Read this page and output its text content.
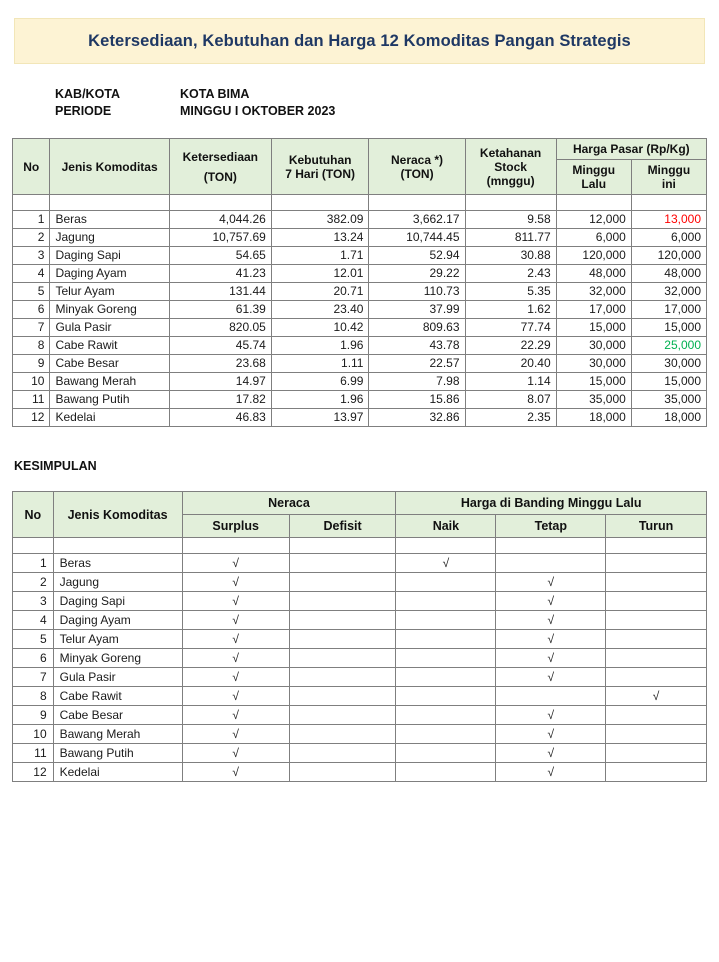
Ketersediaan, Kebutuhan dan Harga 12 Komoditas Pangan Strategis
KAB/KOTA	KOTA BIMA
PERIODE	MINGGU I OKTOBER 2023
No	Jenis Komoditas	
Ketersediaan
(TON)

Kebutuhan
7 Hari (TON)

Neraca *)
(TON)

Ketahanan
Stock
(mnggu)
	Harga Pasar (Rp/Kg)

Minggu
Lalu

Minggu
ini

1	Beras	4,044.26	382.09	3,662.17	9.58	12,000	13,000
2	Jagung	10,757.69	13.24	10,744.45	811.77	6,000	6,000
3	Daging Sapi	54.65	1.71	52.94	30.88	120,000	120,000
4	Daging Ayam	41.23	12.01	29.22	2.43	48,000	48,000
5	Telur Ayam	131.44	20.71	110.73	5.35	32,000	32,000
6	Minyak Goreng	61.39	23.40	37.99	1.62	17,000	17,000
7	Gula Pasir	820.05	10.42	809.63	77.74	15,000	15,000
8	Cabe Rawit	45.74	1.96	43.78	22.29	30,000	25,000
9	Cabe Besar	23.68	1.11	22.57	20.40	30,000	30,000
10	Bawang Merah	14.97	6.99	7.98	1.14	15,000	15,000
11	Bawang Putih	17.82	1.96	15.86	8.07	35,000	35,000
12	Kedelai	46.83	13.97	32.86	2.35	18,000	18,000
KESIMPULAN
No	Jenis Komoditas	Neraca		Harga di Banding Minggu Lalu		
		Surplus	Defisit	Naik	Tetap	Turun

1	Beras	√		√		
2	Jagung	√			√	
3	Daging Sapi	√			√	
4	Daging Ayam	√			√	
5	Telur Ayam	√			√	
6	Minyak Goreng	√			√	
7	Gula Pasir	√			√	
8	Cabe Rawit	√				√
9	Cabe Besar	√			√	
10	Bawang Merah	√			√	
11	Bawang Putih	√			√	
12	Kedelai	√			√	
